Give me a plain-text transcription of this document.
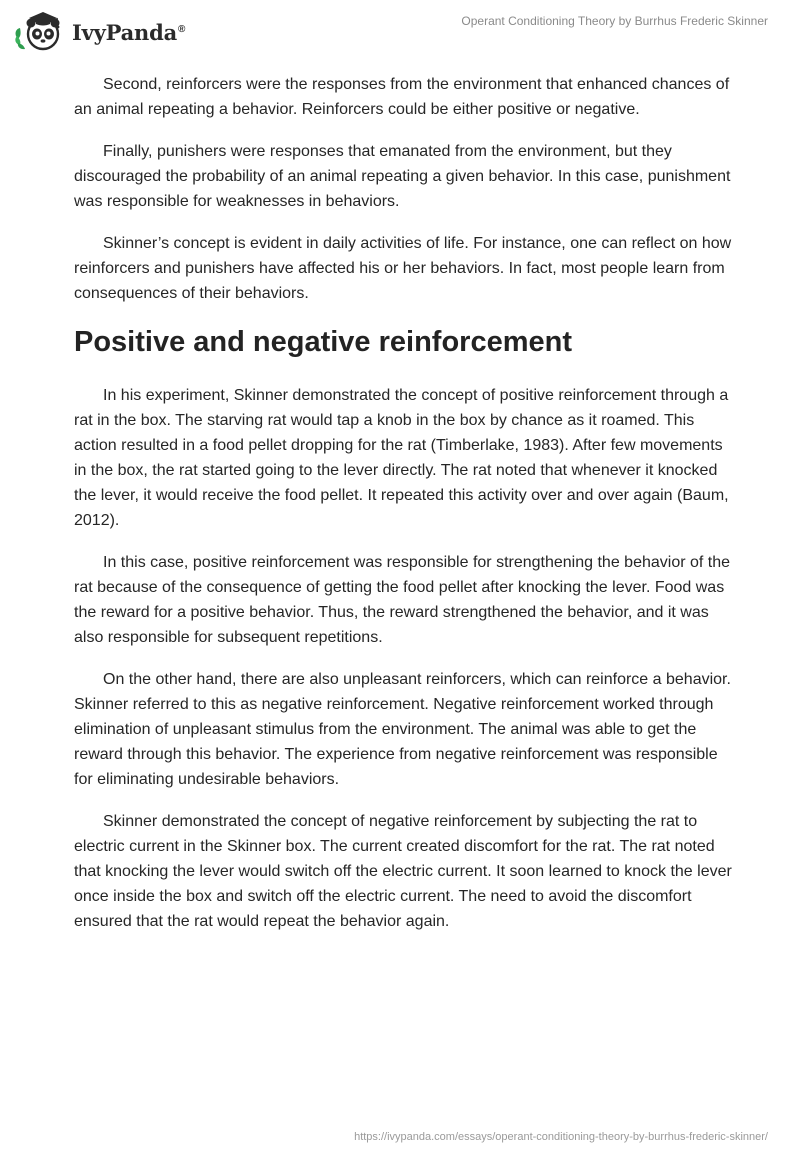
IvyPanda®
Operant Conditioning Theory by Burrhus Frederic Skinner

Second, reinforcers were the responses from the environment that enhanced chances of an animal repeating a behavior. Reinforcers could be either positive or negative.

Finally, punishers were responses that emanated from the environment, but they discouraged the probability of an animal repeating a given behavior. In this case, punishment was responsible for weaknesses in behaviors.

Skinner’s concept is evident in daily activities of life. For instance, one can reflect on how reinforcers and punishers have affected his or her behaviors. In fact, most people learn from consequences of their behaviors.

Positive and negative reinforcement

In his experiment, Skinner demonstrated the concept of positive reinforcement through a rat in the box. The starving rat would tap a knob in the box by chance as it roamed. This action resulted in a food pellet dropping for the rat (Timberlake, 1983). After few movements in the box, the rat started going to the lever directly. The rat noted that whenever it knocked the lever, it would receive the food pellet. It repeated this activity over and over again (Baum, 2012).

In this case, positive reinforcement was responsible for strengthening the behavior of the rat because of the consequence of getting the food pellet after knocking the lever. Food was the reward for a positive behavior. Thus, the reward strengthened the behavior, and it was also responsible for subsequent repetitions.

On the other hand, there are also unpleasant reinforcers, which can reinforce a behavior. Skinner referred to this as negative reinforcement. Negative reinforcement worked through elimination of unpleasant stimulus from the environment. The animal was able to get the reward through this behavior. The experience from negative reinforcement was responsible for eliminating undesirable behaviors.

Skinner demonstrated the concept of negative reinforcement by subjecting the rat to electric current in the Skinner box. The current created discomfort for the rat. The rat noted that knocking the lever would switch off the electric current. It soon learned to knock the lever once inside the box and switch off the electric current. The need to avoid the discomfort ensured that the rat would repeat the behavior again.

https://ivypanda.com/essays/operant-conditioning-theory-by-burrhus-frederic-skinner/
